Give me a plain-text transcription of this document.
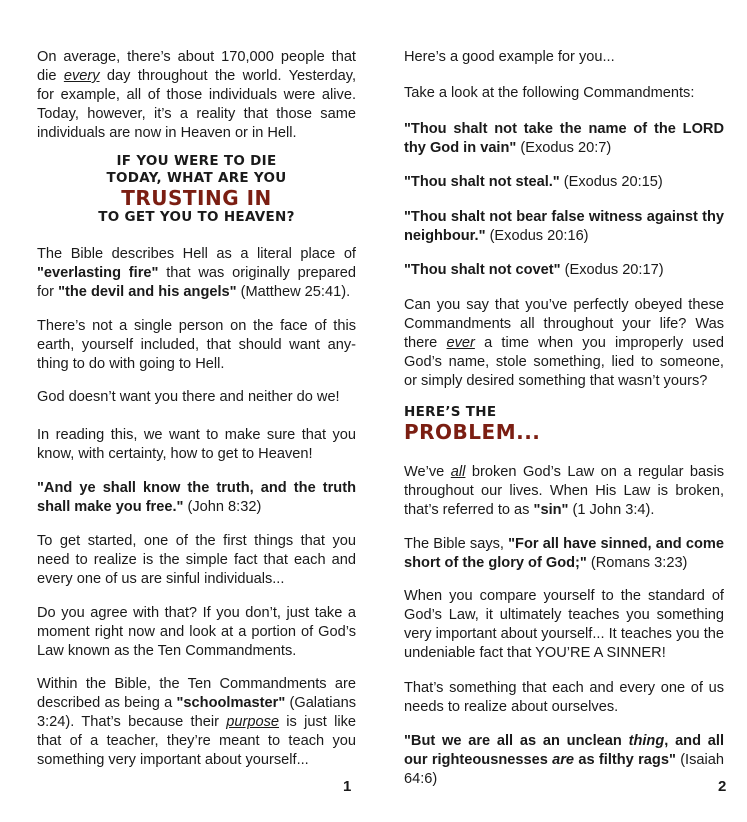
On average, there’s about 170,000 people that die every day throughout the world. Yesterday, for example, all of those individuals were alive. Today, however, it’s a reality that those same individuals are now in Heaven or in Hell.

IF YOU WERE TO DIE
TODAY, WHAT ARE YOU
TRUSTING IN
TO GET YOU TO HEAVEN?

The Bible describes Hell as a literal place of "everlasting fire" that was originally prepared for "the devil and his angels" (Matthew 25:41).

There’s not a single person on the face of this earth, yourself included, that should want any-thing to do with going to Hell.

God doesn’t want you there and neither do we!

In reading this, we want to make sure that you know, with certainty, how to get to Heaven!

"And ye shall know the truth, and the truth shall make you free." (John 8:32)

To get started, one of the first things that you need to realize is the simple fact that each and every one of us are sinful individuals...

Do you agree with that? If you don’t, just take a moment right now and look at a portion of God’s Law known as the Ten Commandments.

Within the Bible, the Ten Commandments are described as being a "schoolmaster" (Galatians 3:24). That’s because their purpose is just like that of a teacher, they’re meant to teach you something very important about yourself...

Here’s a good example for you...

Take a look at the following Commandments:

"Thou shalt not take the name of the LORD thy God in vain" (Exodus 20:7)

"Thou shalt not steal." (Exodus 20:15)

"Thou shalt not bear false witness against thy neighbour." (Exodus 20:16)

"Thou shalt not covet" (Exodus 20:17)

Can you say that you’ve perfectly obeyed these Commandments all throughout your life? Was there ever a time when you improperly used God’s name, stole something, lied to someone, or simply desired something that wasn’t yours?

HERE’S THE
PROBLEM...

We’ve all broken God’s Law on a regular basis throughout our lives. When His Law is broken, that’s referred to as "sin" (1 John 3:4).

The Bible says, "For all have sinned, and come short of the glory of God;" (Romans 3:23)

When you compare yourself to the standard of God’s Law, it ultimately teaches you something very important about yourself... It teaches you the undeniable fact that YOU’RE A SINNER!

That’s something that each and every one of us needs to realize about ourselves.

"But we are all as an unclean thing, and all our righteousnesses are as filthy rags" (Isaiah 64:6)

1	2
